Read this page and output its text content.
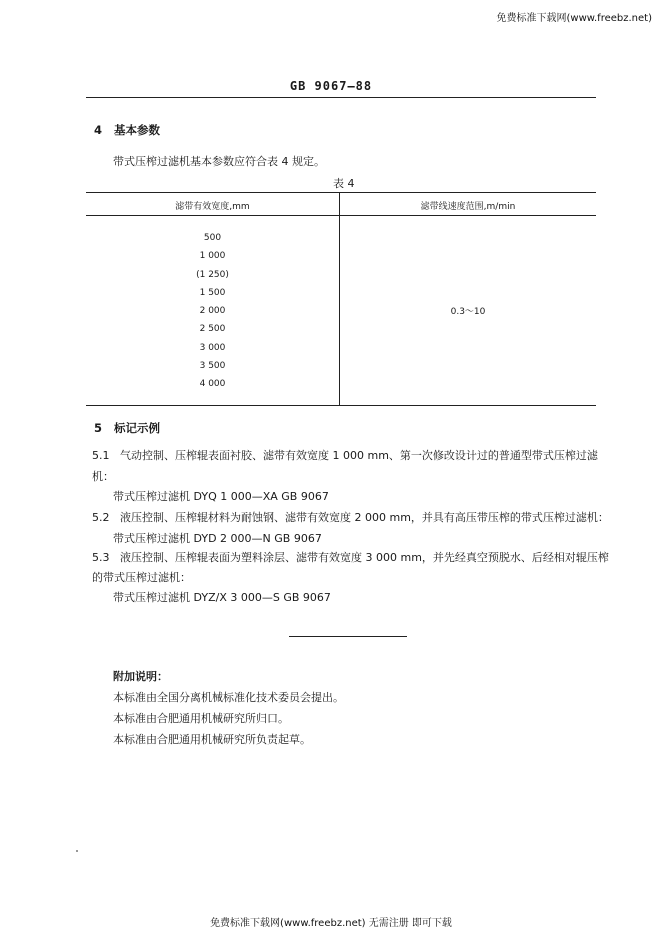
免费标准下载网(www.freebz.net)
GB 9067—88
4 基本参数
带式压榨过滤机基本参数应符合表 4 规定。
表 4
滤带有效宽度,mm	滤带线速度范围,m/min
500
1 000
(1 250)
1 500
2 000
2 500
3 000
3 500
4 000
0.3～10
5 标记示例
5.1 气动控制、压榨辊表面衬胶、滤带有效宽度 1 000 mm、第一次修改设计过的普通型带式压榨过滤
机：
带式压榨过滤机 DYQ 1 000—XA GB 9067
5.2 液压控制、压榨辊材料为耐蚀钢、滤带有效宽度 2 000 mm，并具有高压带压榨的带式压榨过滤机：
带式压榨过滤机 DYD 2 000—N GB 9067
5.3 液压控制、压榨辊表面为塑料涂层、滤带有效宽度 3 000 mm，并先经真空预脱水、后经相对辊压榨
的带式压榨过滤机：
带式压榨过滤机 DYZ/X 3 000—S GB 9067
附加说明：
本标准由全国分离机械标准化技术委员会提出。
本标准由合肥通用机械研究所归口。
本标准由合肥通用机械研究所负责起草。
免费标准下载网(www.freebz.net) 无需注册 即可下载
